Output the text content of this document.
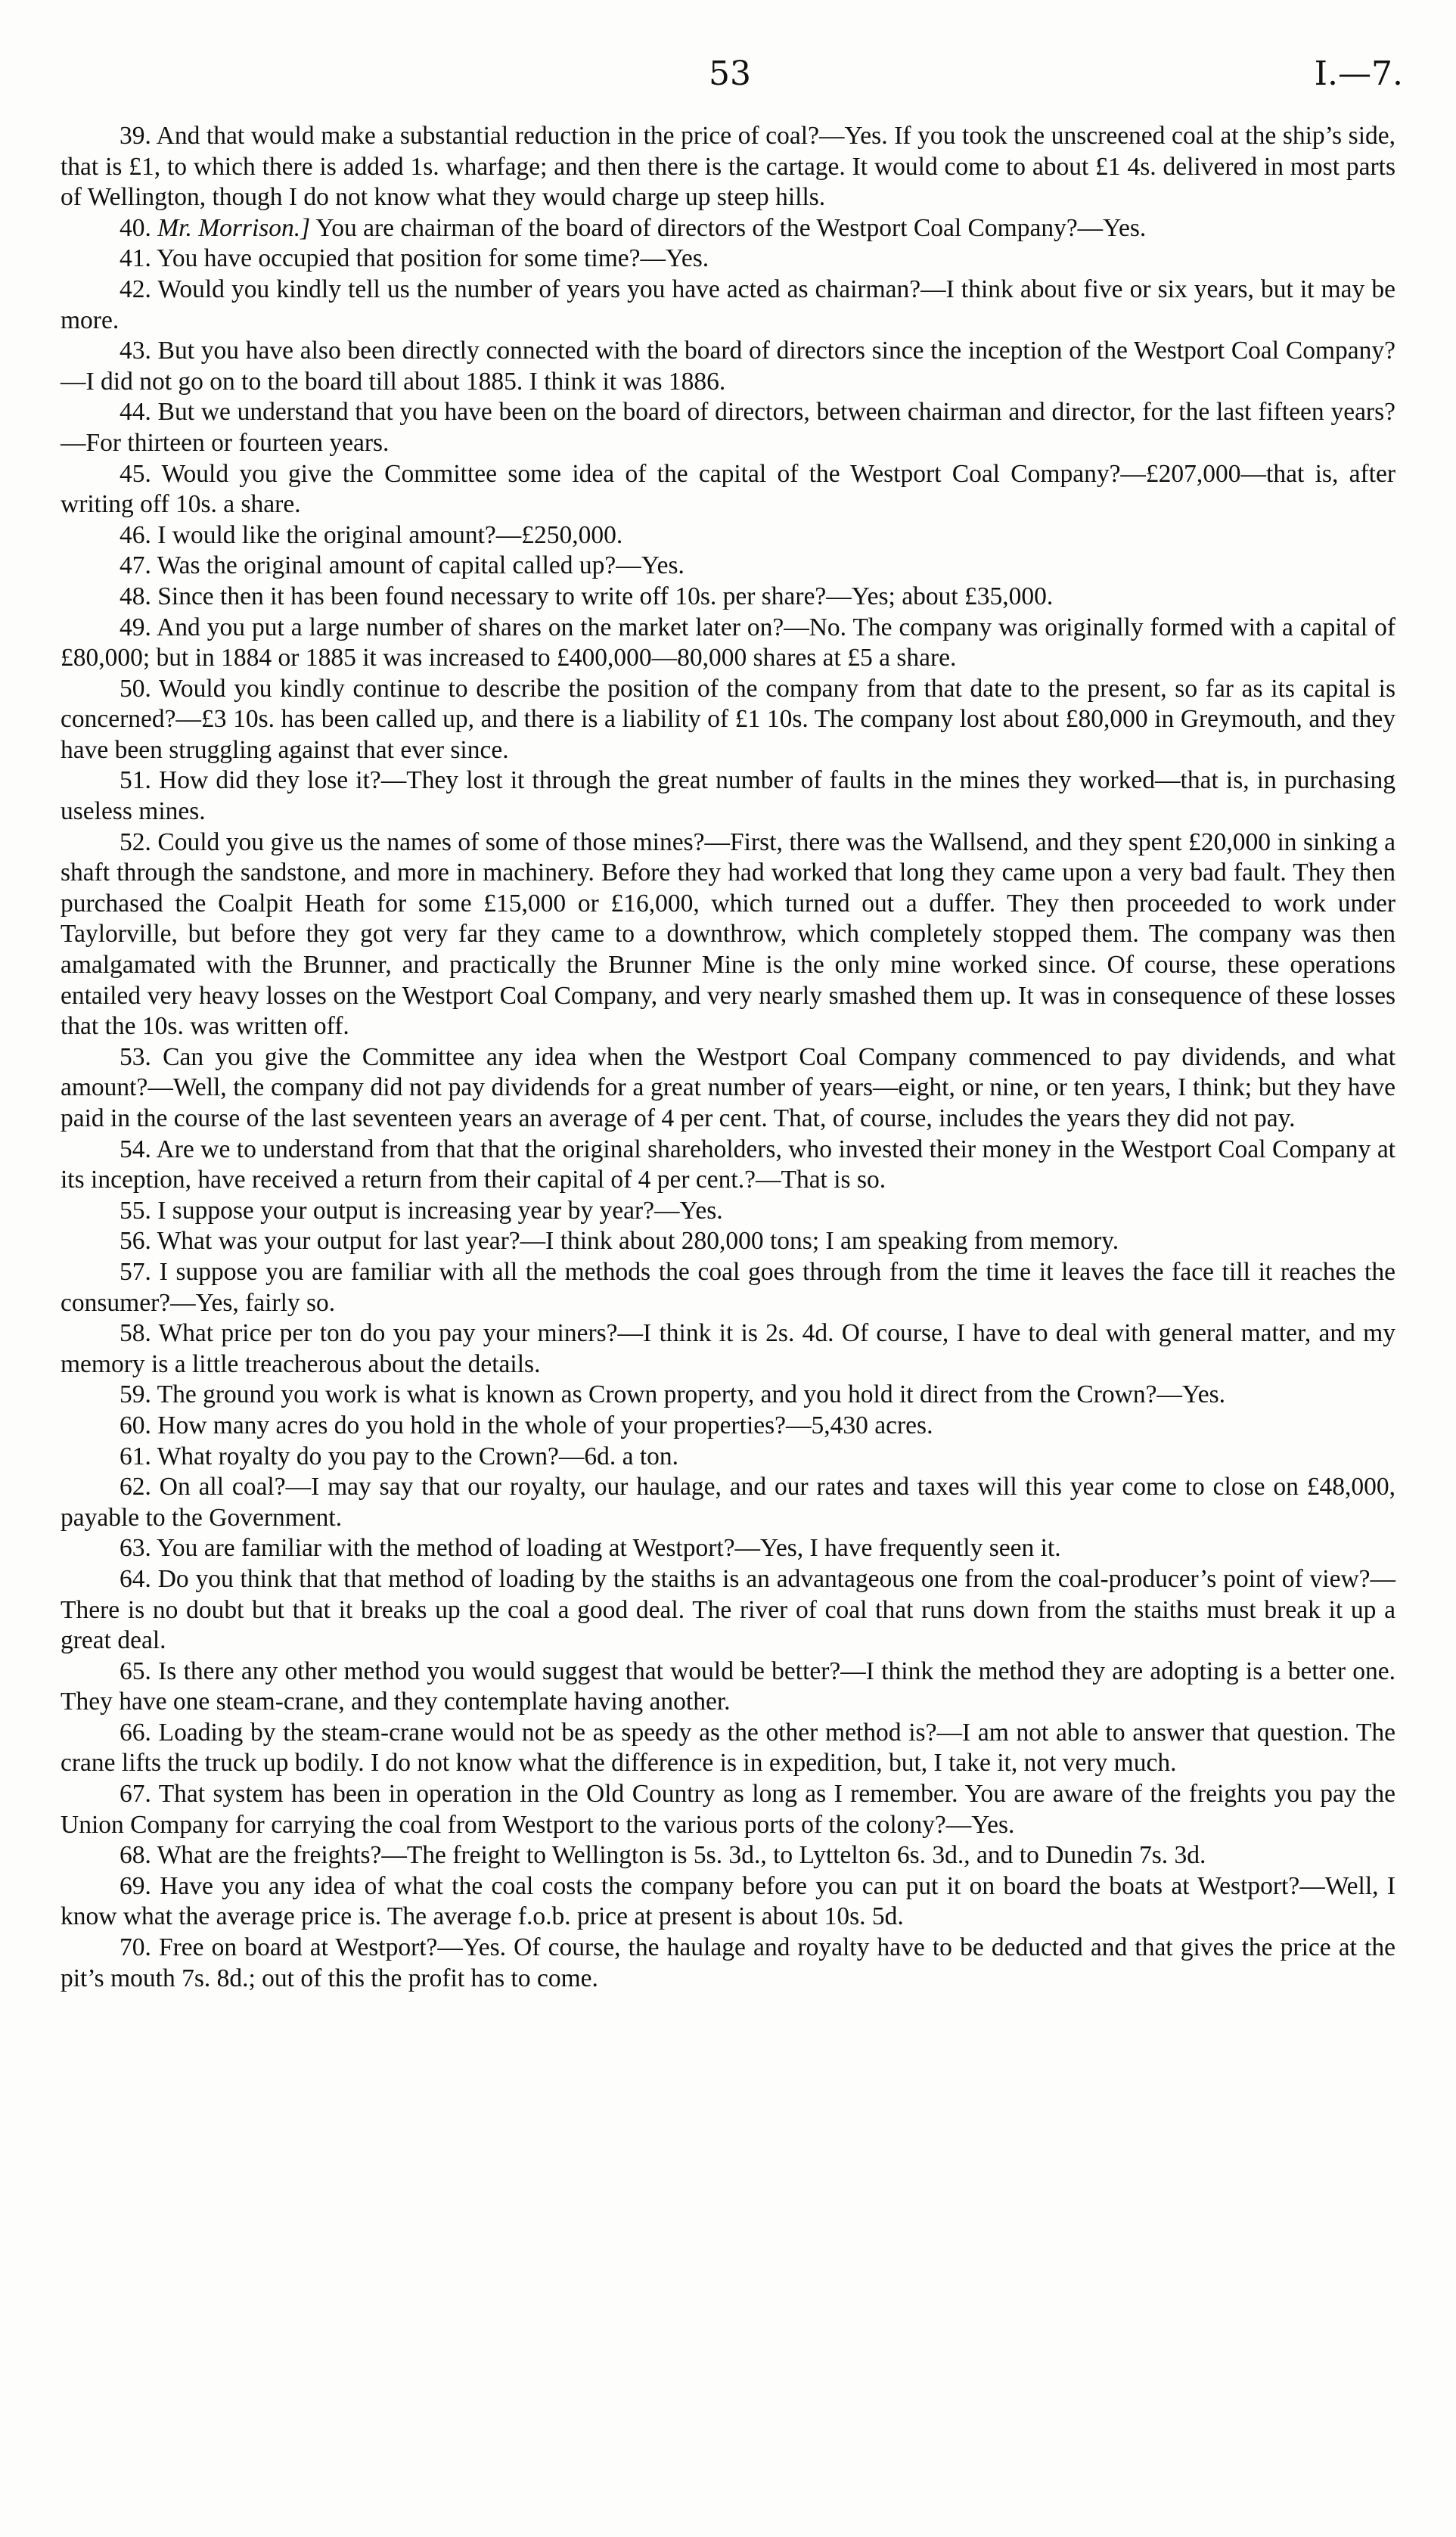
53	I.—7.

39. And that would make a substantial reduction in the price of coal?—Yes. If you took the unscreened coal at the ship’s side, that is £1, to which there is added 1s. wharfage; and then there is the cartage. It would come to about £1 4s. delivered in most parts of Wellington, though I do not know what they would charge up steep hills.

40. Mr. Morrison.] You are chairman of the board of directors of the Westport Coal Company?—Yes.

41. You have occupied that position for some time?—Yes.

42. Would you kindly tell us the number of years you have acted as chairman?—I think about five or six years, but it may be more.

43. But you have also been directly connected with the board of directors since the inception of the Westport Coal Company?—I did not go on to the board till about 1885. I think it was 1886.

44. But we understand that you have been on the board of directors, between chairman and director, for the last fifteen years?—For thirteen or fourteen years.

45. Would you give the Committee some idea of the capital of the Westport Coal Company?—£207,000—that is, after writing off 10s. a share.

46. I would like the original amount?—£250,000.

47. Was the original amount of capital called up?—Yes.

48. Since then it has been found necessary to write off 10s. per share?—Yes; about £35,000.

49. And you put a large number of shares on the market later on?—No. The company was originally formed with a capital of £80,000; but in 1884 or 1885 it was increased to £400,000—80,000 shares at £5 a share.

50. Would you kindly continue to describe the position of the company from that date to the present, so far as its capital is concerned?—£3 10s. has been called up, and there is a liability of £1 10s. The company lost about £80,000 in Greymouth, and they have been struggling against that ever since.

51. How did they lose it?—They lost it through the great number of faults in the mines they worked—that is, in purchasing useless mines.

52. Could you give us the names of some of those mines?—First, there was the Wallsend, and they spent £20,000 in sinking a shaft through the sandstone, and more in machinery. Before they had worked that long they came upon a very bad fault. They then purchased the Coalpit Heath for some £15,000 or £16,000, which turned out a duffer. They then proceeded to work under Taylorville, but before they got very far they came to a downthrow, which completely stopped them. The company was then amalgamated with the Brunner, and practically the Brunner Mine is the only mine worked since. Of course, these operations entailed very heavy losses on the Westport Coal Company, and very nearly smashed them up. It was in consequence of these losses that the 10s. was written off.

53. Can you give the Committee any idea when the Westport Coal Company commenced to pay dividends, and what amount?—Well, the company did not pay dividends for a great number of years—eight, or nine, or ten years, I think; but they have paid in the course of the last seventeen years an average of 4 per cent. That, of course, includes the years they did not pay.

54. Are we to understand from that that the original shareholders, who invested their money in the Westport Coal Company at its inception, have received a return from their capital of 4 per cent.?—That is so.

55. I suppose your output is increasing year by year?—Yes.

56. What was your output for last year?—I think about 280,000 tons; I am speaking from memory.

57. I suppose you are familiar with all the methods the coal goes through from the time it leaves the face till it reaches the consumer?—Yes, fairly so.

58. What price per ton do you pay your miners?—I think it is 2s. 4d. Of course, I have to deal with general matter, and my memory is a little treacherous about the details.

59. The ground you work is what is known as Crown property, and you hold it direct from the Crown?—Yes.

60. How many acres do you hold in the whole of your properties?—5,430 acres.

61. What royalty do you pay to the Crown?—6d. a ton.

62. On all coal?—I may say that our royalty, our haulage, and our rates and taxes will this year come to close on £48,000, payable to the Government.

63. You are familiar with the method of loading at Westport?—Yes, I have frequently seen it.

64. Do you think that that method of loading by the staiths is an advantageous one from the coal-producer’s point of view?—There is no doubt but that it breaks up the coal a good deal. The river of coal that runs down from the staiths must break it up a great deal.

65. Is there any other method you would suggest that would be better?—I think the method they are adopting is a better one. They have one steam-crane, and they contemplate having another.

66. Loading by the steam-crane would not be as speedy as the other method is?—I am not able to answer that question. The crane lifts the truck up bodily. I do not know what the difference is in expedition, but, I take it, not very much.

67. That system has been in operation in the Old Country as long as I remember. You are aware of the freights you pay the Union Company for carrying the coal from Westport to the various ports of the colony?—Yes.

68. What are the freights?—The freight to Wellington is 5s. 3d., to Lyttelton 6s. 3d., and to Dunedin 7s. 3d.

69. Have you any idea of what the coal costs the company before you can put it on board the boats at Westport?—Well, I know what the average price is. The average f.o.b. price at present is about 10s. 5d.

70. Free on board at Westport?—Yes. Of course, the haulage and royalty have to be deducted and that gives the price at the pit’s mouth 7s. 8d.; out of this the profit has to come.
